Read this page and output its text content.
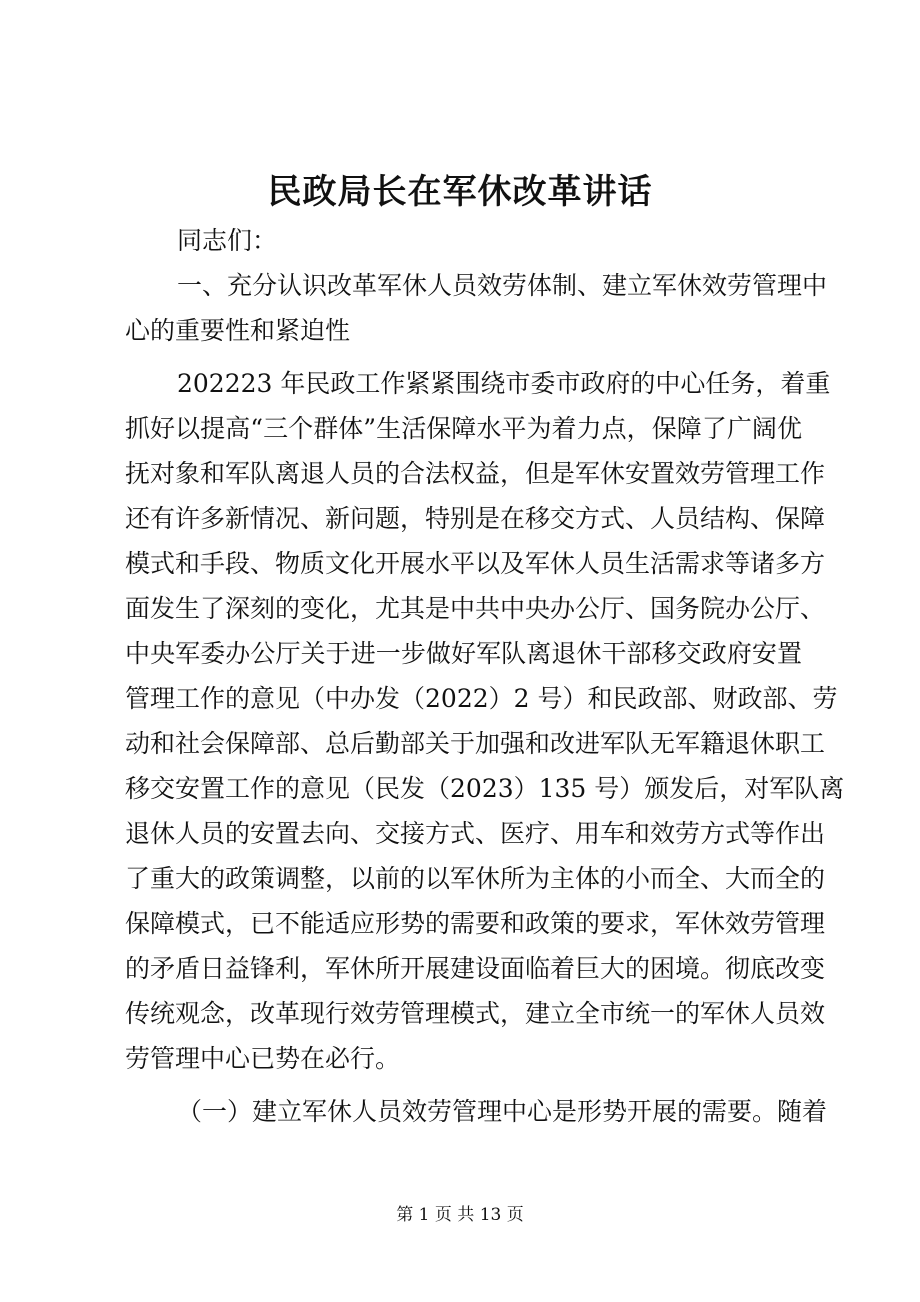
民政局长在军休改革讲话
同志们：
一、充分认识改革军休人员效劳体制、建立军休效劳管理中
心的重要性和紧迫性
202223 年民政工作紧紧围绕市委市政府的中心任务，着重
抓好以提高“三个群体”生活保障水平为着力点，保障了广阔优
抚对象和军队离退人员的合法权益，但是军休安置效劳管理工作
还有许多新情况、新问题，特别是在移交方式、人员结构、保障
模式和手段、物质文化开展水平以及军休人员生活需求等诸多方
面发生了深刻的变化，尤其是中共中央办公厅、国务院办公厅、
中央军委办公厅关于进一步做好军队离退休干部移交政府安置
管理工作的意见（中办发（2022）2 号）和民政部、财政部、劳
动和社会保障部、总后勤部关于加强和改进军队无军籍退休职工
移交安置工作的意见（民发（2023）135 号）颁发后，对军队离
退休人员的安置去向、交接方式、医疗、用车和效劳方式等作出
了重大的政策调整，以前的以军休所为主体的小而全、大而全的
保障模式，已不能适应形势的需要和政策的要求，军休效劳管理
的矛盾日益锋利，军休所开展建设面临着巨大的困境。彻底改变
传统观念，改革现行效劳管理模式，建立全市统一的军休人员效
劳管理中心已势在必行。
（一）建立军休人员效劳管理中心是形势开展的需要。随着
第 1 页 共 13 页
